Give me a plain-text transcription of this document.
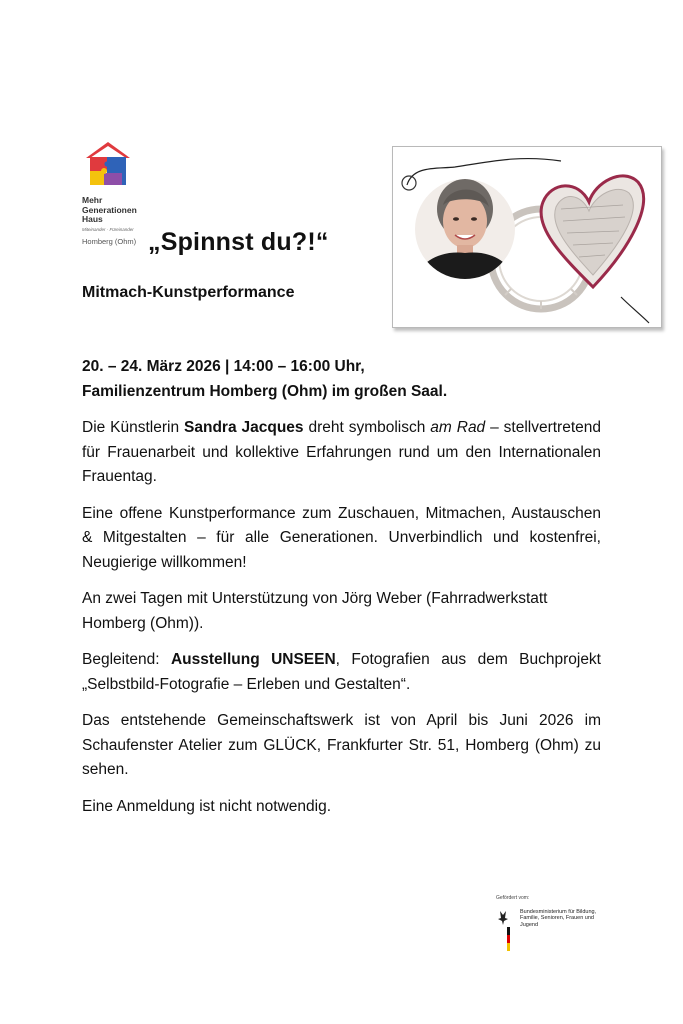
Mehr
Generationen
Haus
Miteinander · Füreinander
Homberg (Ohm) „Spinnst du?!“
Mitmach-Kunstperformance

20. – 24. März 2026 | 14:00 – 16:00 Uhr,

Familienzentrum Homberg (Ohm) im großen Saal.

Die Künstlerin Sandra Jacques dreht symbolisch am Rad – stellvertretend für Frauenarbeit und kollektive Erfahrungen rund um den Internationalen Frauentag.

Eine offene Kunstperformance zum Zuschauen, Mitmachen, Austauschen & Mitgestalten – für alle Generationen. Unverbindlich und kostenfrei, Neugierige willkommen!

An zwei Tagen mit Unterstützung von Jörg Weber (Fahrradwerkstatt Homberg (Ohm)).

Begleitend: Ausstellung UNSEEN, Fotografien aus dem Buchprojekt „Selbstbild-Fotografie – Erleben und Gestalten“.

Das entstehende Gemeinschaftswerk ist von April bis Juni 2026 im Schaufenster Atelier zum GLÜCK, Frankfurter Str. 51, Homberg (Ohm) zu sehen.

Eine Anmeldung ist nicht notwendig.

Gefördert vom:
Bundesministerium für Bildung, Familie, Senioren, Frauen und Jugend
